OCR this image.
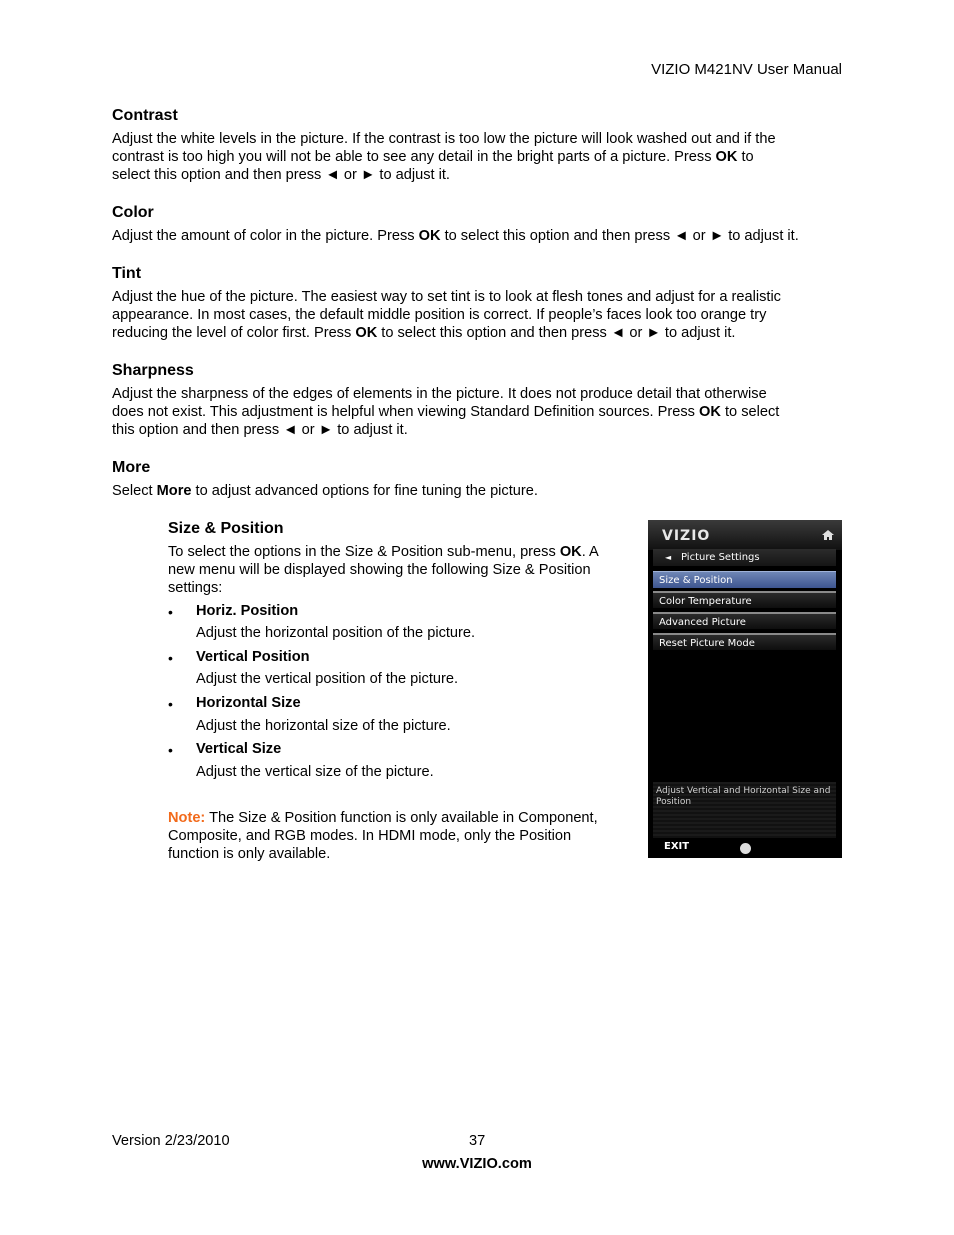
VIZIO M421NV User Manual
Contrast
Adjust the white levels in the picture. If the contrast is too low the picture will look washed out and if the
contrast is too high you will not be able to see any detail in the bright parts of a picture. Press OK to
select this option and then press ◄ or ► to adjust it.
Color
Adjust the amount of color in the picture. Press OK to select this option and then press ◄ or ► to adjust it.
Tint
Adjust the hue of the picture. The easiest way to set tint is to look at flesh tones and adjust for a realistic
appearance. In most cases, the default middle position is correct. If people’s faces look too orange try
reducing the level of color first. Press OK to select this option and then press ◄ or ► to adjust it.
Sharpness
Adjust the sharpness of the edges of elements in the picture. It does not produce detail that otherwise
does not exist. This adjustment is helpful when viewing Standard Definition sources. Press OK to select
this option and then press ◄ or ► to adjust it.
More
Select More to adjust advanced options for fine tuning the picture.
Size & Position
To select the options in the Size & Position sub-menu, press OK. A
new menu will be displayed showing the following Size & Position
settings:
• Horiz. Position
Adjust the horizontal position of the picture.
• Vertical Position
Adjust the vertical position of the picture.
• Horizontal Size
Adjust the horizontal size of the picture.
• Vertical Size
Adjust the vertical size of the picture.
Note: The Size & Position function is only available in Component,
Composite, and RGB modes. In HDMI mode, only the Position
function is only available.
VIZIO
◄ Picture Settings
Size & Position
Color Temperature
Advanced Picture
Reset Picture Mode
Adjust Vertical and Horizontal Size and Position
EXIT
Version 2/23/2010	37
www.VIZIO.com
